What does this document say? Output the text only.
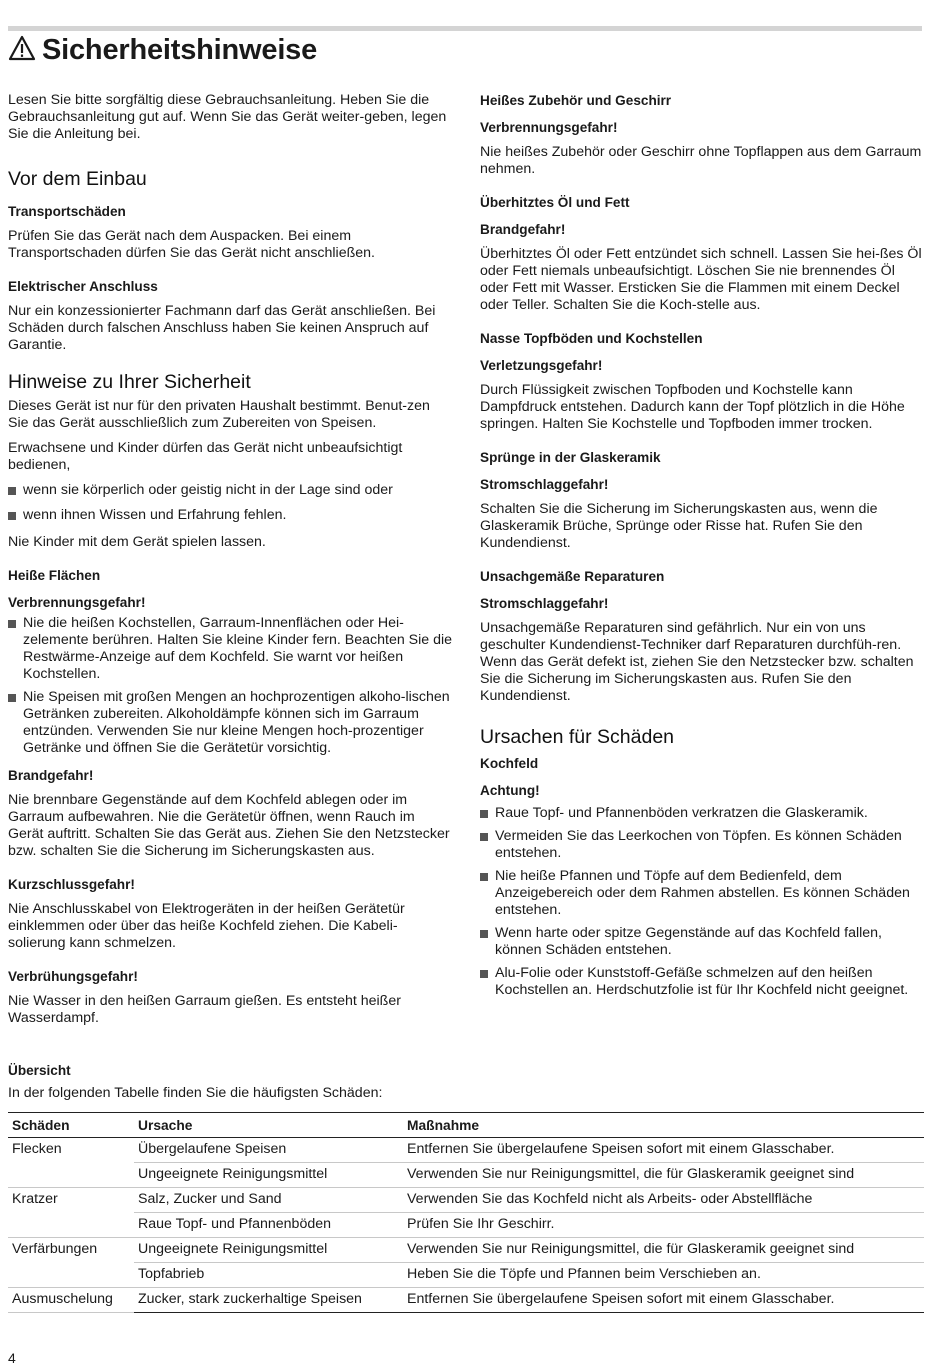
Sicherheitshinweise

Lesen Sie bitte sorgfältig diese Gebrauchsanleitung. Heben Sie die Gebrauchsanleitung gut auf. Wenn Sie das Gerät weiter-geben, legen Sie die Anleitung bei.

Vor dem Einbau
Transportschäden

Prüfen Sie das Gerät nach dem Auspacken. Bei einem Transportschaden dürfen Sie das Gerät nicht anschließen.

Elektrischer Anschluss

Nur ein konzessionierter Fachmann darf das Gerät anschließen. Bei Schäden durch falschen Anschluss haben Sie keinen Anspruch auf Garantie.

Hinweise zu Ihrer Sicherheit

Dieses Gerät ist nur für den privaten Haushalt bestimmt. Benut-zen Sie das Gerät ausschließlich zum Zubereiten von Speisen.

Erwachsene und Kinder dürfen das Gerät nicht unbeaufsichtigt bedienen,

wenn sie körperlich oder geistig nicht in der Lage sind oder
wenn ihnen Wissen und Erfahrung fehlen.

Nie Kinder mit dem Gerät spielen lassen.

Heiße Flächen
Verbrennungsgefahr!
Nie die heißen Kochstellen, Garraum-Innenflächen oder Hei-zelemente berühren. Halten Sie kleine Kinder fern. Beachten Sie die Restwärme-Anzeige auf dem Kochfeld. Sie warnt vor heißen Kochstellen.
Nie Speisen mit großen Mengen an hochprozentigen alkoho-lischen Getränken zubereiten. Alkoholdämpfe können sich im Garraum entzünden. Verwenden Sie nur kleine Mengen hoch-prozentiger Getränke und öffnen Sie die Gerätetür vorsichtig.
Brandgefahr!

Nie brennbare Gegenstände auf dem Kochfeld ablegen oder im Garraum aufbewahren. Nie die Gerätetür öffnen, wenn Rauch im Gerät auftritt. Schalten Sie das Gerät aus. Ziehen Sie den Netzstecker bzw. schalten Sie die Sicherung im Sicherungskasten aus.

Kurzschlussgefahr!

Nie Anschlusskabel von Elektrogeräten in der heißen Gerätetür einklemmen oder über das heiße Kochfeld ziehen. Die Kabeli-solierung kann schmelzen.

Verbrühungsgefahr!

Nie Wasser in den heißen Garraum gießen. Es entsteht heißer Wasserdampf.

Heißes Zubehör und Geschirr
Verbrennungsgefahr!

Nie heißes Zubehör oder Geschirr ohne Topflappen aus dem Garraum nehmen.

Überhitztes Öl und Fett
Brandgefahr!

Überhitztes Öl oder Fett entzündet sich schnell. Lassen Sie hei-ßes Öl oder Fett niemals unbeaufsichtigt. Löschen Sie nie brennendes Öl oder Fett mit Wasser. Ersticken Sie die Flammen mit einem Deckel oder Teller. Schalten Sie die Koch-stelle aus.

Nasse Topfböden und Kochstellen
Verletzungsgefahr!

Durch Flüssigkeit zwischen Topfboden und Kochstelle kann Dampfdruck entstehen. Dadurch kann der Topf plötzlich in die Höhe springen. Halten Sie Kochstelle und Topfboden immer trocken.

Sprünge in der Glaskeramik
Stromschlaggefahr!

Schalten Sie die Sicherung im Sicherungskasten aus, wenn die Glaskeramik Brüche, Sprünge oder Risse hat. Rufen Sie den Kundendienst.

Unsachgemäße Reparaturen
Stromschlaggefahr!

Unsachgemäße Reparaturen sind gefährlich. Nur ein von uns geschulter Kundendienst-Techniker darf Reparaturen durchfüh-ren. Wenn das Gerät defekt ist, ziehen Sie den Netzstecker bzw. schalten Sie die Sicherung im Sicherungskasten aus. Rufen Sie den Kundendienst.

Ursachen für Schäden
Kochfeld
Achtung!
Raue Topf- und Pfannenböden verkratzen die Glaskeramik.
Vermeiden Sie das Leerkochen von Töpfen. Es können Schäden entstehen.
Nie heiße Pfannen und Töpfe auf dem Bedienfeld, dem Anzeigebereich oder dem Rahmen abstellen. Es können Schäden entstehen.
Wenn harte oder spitze Gegenstände auf das Kochfeld fallen, können Schäden entstehen.
Alu-Folie oder Kunststoff-Gefäße schmelzen auf den heißen Kochstellen an. Herdschutzfolie ist für Ihr Kochfeld nicht geeignet.
Übersicht

In der folgenden Tabelle finden Sie die häufigsten Schäden:

Schäden	Ursache	Maßnahme
Flecken	Übergelaufene Speisen	Entfernen Sie übergelaufene Speisen sofort mit einem Glasschaber.
	Ungeeignete Reinigungsmittel	Verwenden Sie nur Reinigungsmittel, die für Glaskeramik geeignet sind
Kratzer	Salz, Zucker und Sand	Verwenden Sie das Kochfeld nicht als Arbeits- oder Abstellfläche
	Raue Topf- und Pfannenböden	Prüfen Sie Ihr Geschirr.
Verfärbungen	Ungeeignete Reinigungsmittel	Verwenden Sie nur Reinigungsmittel, die für Glaskeramik geeignet sind
	Topfabrieb	Heben Sie die Töpfe und Pfannen beim Verschieben an.
Ausmuschelung	Zucker, stark zuckerhaltige Speisen	Entfernen Sie übergelaufene Speisen sofort mit einem Glasschaber.
4
